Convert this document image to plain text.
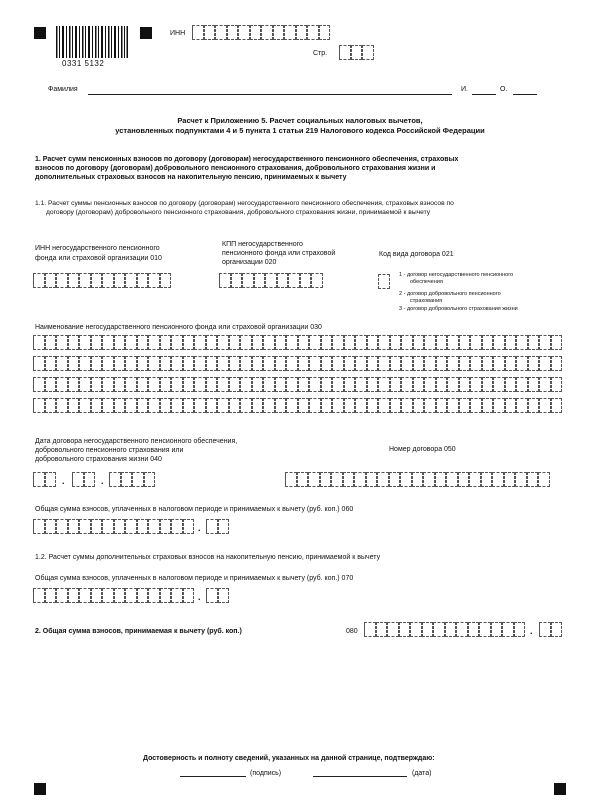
0331 5132
ИНН
Стр.
Фамилия	И.	О.
Расчет к Приложению 5. Расчет социальных налоговых вычетов,
установленных подпунктами 4 и 5 пункта 1 статьи 219 Налогового кодекса Российской Федерации
1. Расчет сумм пенсионных взносов по договору (договорам) негосударственного пенсионного обеспечения, страховых
взносов по договору (договорам) добровольного пенсионного страхования, добровольного страхования жизни и
дополнительных страховых взносов на накопительную пенсию, принимаемых к вычету
1.1. Расчет суммы пенсионных взносов по договору (договорам) негосударственного пенсионного обеспечения, страховых взносов по
договору (договорам) добровольного пенсионного страхования, добровольного страхования жизни, принимаемой к вычету
ИНН негосударственного пенсионного
фонда или страховой организации 010
КПП негосударственного
пенсионного фонда или страховой
организации 020
Код вида договора 021
1 - договор негосударственного пенсионного
обеспечения
2 - договор добровольного пенсионного
страхования
3 - договор добровольного страхования жизни
Наименование негосударственного пенсионного фонда или страховой организации 030
Дата договора негосударственного пенсионного обеспечения,
добровольного пенсионного страхования или
добровольного страхования жизни 040
.	.
Номер договора 050
Общая сумма взносов, уплаченных в налоговом периоде и принимаемых к вычету (руб. коп.) 060
.
1.2. Расчет суммы дополнительных страховых взносов на накопительную пенсию, принимаемой к вычету
Общая сумма взносов, уплаченных в налоговом периоде и принимаемых к вычету (руб. коп.) 070
.
2. Общая сумма взносов, принимаемая к вычету (руб. коп.)	080	.
Достоверность и полноту сведений, указанных на данной странице, подтверждаю:
(подпись)	(дата)
